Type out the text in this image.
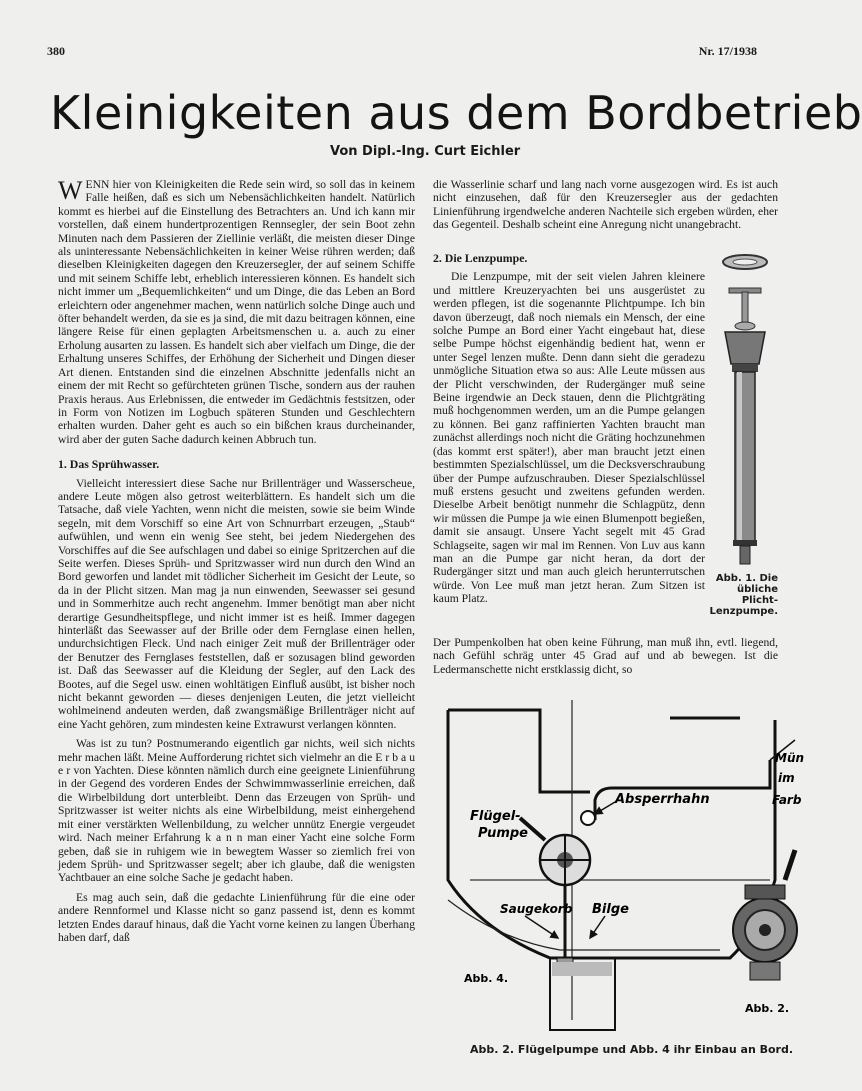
380	Nr. 17/1938
Kleinigkeiten aus dem Bordbetrieb
Von Dipl.-Ing. Curt Eichler

WENN hier von Kleinigkeiten die Rede sein wird, so soll das in keinem Falle heißen, daß es sich um Nebensächlichkeiten handelt. Natürlich kommt es hierbei auf die Einstellung des Betrachters an. Und ich kann mir vorstellen, daß einem hundertprozentigen Rennsegler, der sein Boot zehn Minuten nach dem Passieren der Ziellinie verläßt, die meisten dieser Dinge als uninteressante Nebensächlichkeiten in keiner Weise rühren werden; daß dieselben Kleinigkeiten dagegen den Kreuzersegler, der auf seinem Schiffe und mit seinem Schiffe lebt, erheblich interessieren können. Es handelt sich nicht immer um „Bequemlichkeiten“ und um Dinge, die das Leben an Bord erleichtern oder angenehmer machen, wenn natürlich solche Dinge auch und öfter behandelt werden, da sie es ja sind, die mit dazu beitragen können, eine längere Reise für einen geplagten Arbeitsmenschen u. a. auch zu einer Erholung ausarten zu lassen. Es handelt sich aber vielfach um Dinge, die der Erhaltung unseres Schiffes, der Erhöhung der Sicherheit und Dingen dieser Art dienen. Entstanden sind die einzelnen Abschnitte jedenfalls nicht an einem der mit Recht so gefürchteten grünen Tische, sondern aus der rauhen Praxis heraus. Aus Erlebnissen, die entweder im Gedächtnis festsitzen, oder in Form von Notizen im Logbuch späteren Stunden und Geschlechtern erhalten wurden. Daher geht es auch so ein bißchen kraus durcheinander, wird aber der guten Sache dadurch keinen Abbruch tun.

1. Das Sprühwasser.

Vielleicht interessiert diese Sache nur Brillenträger und Wasserscheue, andere Leute mögen also getrost weiterblättern. Es handelt sich um die Tatsache, daß viele Yachten, wenn nicht die meisten, sowie sie beim Winde segeln, mit dem Vorschiff so eine Art von Schnurrbart erzeugen, „Staub“ aufwühlen, und wenn ein wenig See steht, bei jedem Niedergehen des Vorschiffes auf die See aufschlagen und dabei so einige Spritzerchen auf die Seite werfen. Dieses Sprüh- und Spritzwasser wird nun durch den Wind an Bord geworfen und landet mit tödlicher Sicherheit im Gesicht der Leute, so da in der Plicht sitzen. Man mag ja nun einwenden, Seewasser sei gesund und in Sommerhitze auch recht angenehm. Immer benötigt man aber nicht derartige Gesundheitspflege, und nicht immer ist es heiß. Immer dagegen hinterläßt das Seewasser auf der Brille oder dem Fernglase einen hellen, undurchsichtigen Fleck. Und nach einiger Zeit muß der Brillenträger oder der Benutzer des Fernglases feststellen, daß er sozusagen blind geworden ist. Daß das Seewasser auf die Kleidung der Segler, auf den Lack des Bootes, auf die Segel usw. einen wohltätigen Einfluß ausübt, ist bisher noch nicht bekannt geworden — dieses denjenigen Leuten, die jetzt vielleicht wohlmeinend andeuten werden, daß zwangsmäßige Brillenträger nicht auf eine Yacht gehören, zum mindesten keine Extrawurst verlangen könnten.

Was ist zu tun? Postnumerando eigentlich gar nichts, weil sich nichts mehr machen läßt. Meine Aufforderung richtet sich vielmehr an die E r b a u e r von Yachten. Diese könnten nämlich durch eine geeignete Linienführung in der Gegend des vorderen Endes der Schwimmwasserlinie erreichen, daß die Wirbelbildung dort unterbleibt. Denn das Erzeugen von Sprüh- und Spritzwasser ist weiter nichts als eine Wirbelbildung, meist einhergehend mit einer verstärkten Wellenbildung, zu welcher unnütz Energie vergeudet wird. Nach meiner Erfahrung k a n n man einer Yacht eine solche Form geben, daß sie in ruhigem wie in bewegtem Wasser so ziemlich frei von jedem Sprüh- und Spritzwasser segelt; aber ich glaube, daß die wenigsten Yachtbauer an eine solche Sache je gedacht haben.

Es mag auch sein, daß die gedachte Linienführung für die eine oder andere Rennformel und Klasse nicht so ganz passend ist, denn es kommt letzten Endes darauf hinaus, daß die Yacht vorne keinen zu langen Überhang haben darf, daß

die Wasserlinie scharf und lang nach vorne ausgezogen wird. Es ist auch nicht einzusehen, daß für den Kreuzersegler aus der gedachten Linienführung irgendwelche anderen Nachteile sich ergeben würden, eher das Gegenteil. Deshalb scheint eine Anregung nicht unangebracht.

2. Die Lenzpumpe.

Die Lenzpumpe, mit der seit vielen Jahren kleinere und mittlere Kreuzeryachten bei uns ausgerüstet zu werden pflegen, ist die sogenannte Plichtpumpe. Ich bin davon überzeugt, daß noch niemals ein Mensch, der eine solche Pumpe an Bord einer Yacht eingebaut hat, diese selbe Pumpe höchst eigenhändig bedient hat, wenn er unter Segel lenzen mußte. Denn dann sieht die geradezu unmögliche Situation etwa so aus: Alle Leute müssen aus der Plicht verschwinden, der Rudergänger muß seine Beine irgendwie an Deck stauen, denn die Plichtgräting muß hochgenommen werden, um an die Pumpe gelangen zu können. Bei ganz raffinierten Yachten braucht man zunächst allerdings noch nicht die Gräting hochzunehmen (das kommt erst später!), aber man braucht jetzt einen bestimmten Spezialschlüssel, um die Decksverschraubung über der Pumpe aufzuschrauben. Dieser Spezialschlüssel muß erstens gesucht und zweitens gefunden werden. Dieselbe Arbeit benötigt nunmehr die Schlagpütz, denn wir müssen die Pumpe ja wie einen Blumenpott begießen, damit sie ansaugt. Unsere Yacht segelt mit 45 Grad Schlagseite, sagen wir mal im Rennen. Von Luv aus kann man an die Pumpe gar nicht heran, da dort der Rudergänger sitzt und man auch gleich herunterrutschen würde. Von Lee muß man jetzt heran. Zum Sitzen ist kaum Platz.

Der Pumpenkolben hat oben keine Führung, man muß ihn, evtl. liegend, nach Gefühl schräg unter 45 Grad auf und ab bewegen. Ist die Ledermanschette nicht erstklassig dicht, so

Abb. 1. Die übliche Plicht-Lenzpumpe.
Absperrhahn
Flügel-
Pumpe
Saugekorb Bilge
Abb. 4.
Abb. 2.
Mün
im
Farb
Abb. 2. Flügelpumpe und Abb. 4 ihr Einbau an Bord.
